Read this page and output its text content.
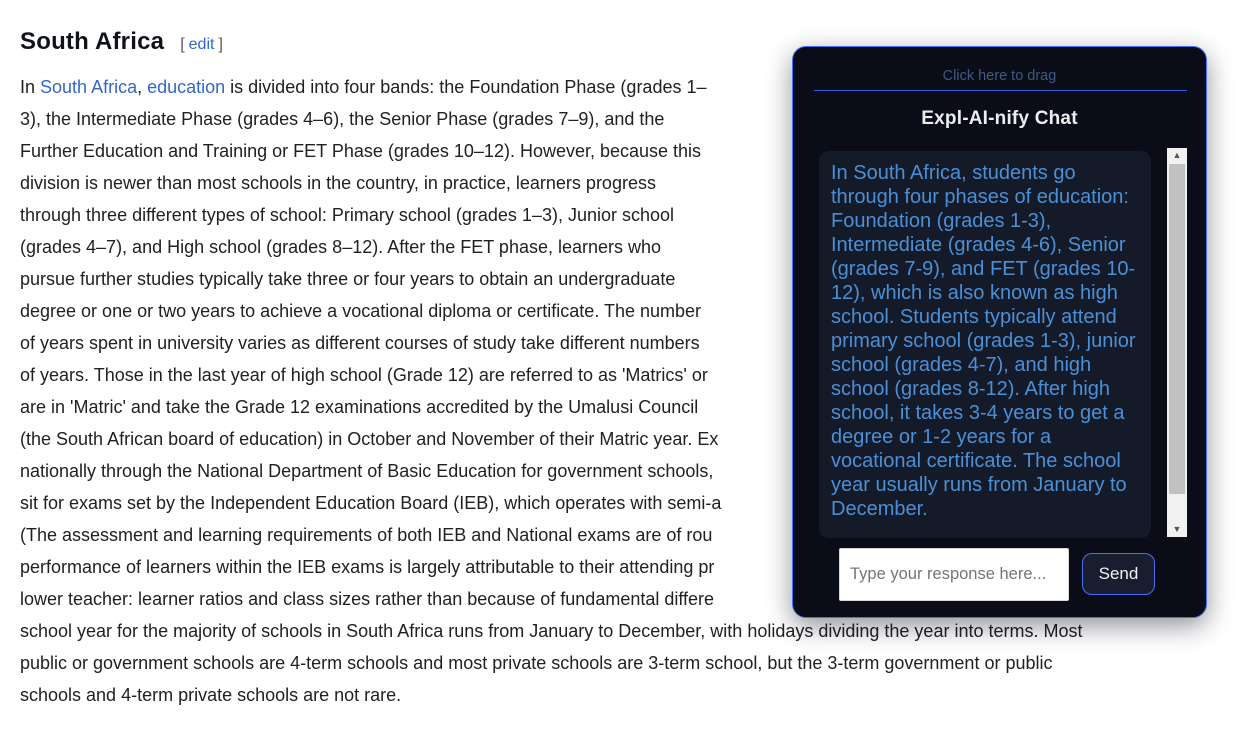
South Africa [ edit ]
In South Africa, education is divided into four bands: the Foundation Phase (grades 1–
3), the Intermediate Phase (grades 4–6), the Senior Phase (grades 7–9), and the
Further Education and Training or FET Phase (grades 10–12). However, because this
division is newer than most schools in the country, in practice, learners progress
through three different types of school: Primary school (grades 1–3), Junior school
(grades 4–7), and High school (grades 8–12). After the FET phase, learners who
pursue further studies typically take three or four years to obtain an undergraduate
degree or one or two years to achieve a vocational diploma or certificate. The number
of years spent in university varies as different courses of study take different numbers
of years. Those in the last year of high school (Grade 12) are referred to as 'Matrics' or
are in 'Matric' and take the Grade 12 examinations accredited by the Umalusi Council
(the South African board of education) in October and November of their Matric year. Ex
nationally through the National Department of Basic Education for government schools,
sit for exams set by the Independent Education Board (IEB), which operates with semi-a
(The assessment and learning requirements of both IEB and National exams are of rou
performance of learners within the IEB exams is largely attributable to their attending pr
lower teacher: learner ratios and class sizes rather than because of fundamental differe
school year for the majority of schools in South Africa runs from January to December, with holidays dividing the year into terms. Most
public or government schools are 4-term schools and most private schools are 3-term school, but the 3-term government or public
schools and 4-term private schools are not rare.
Click here to drag
Expl-AI-nify Chat
In South Africa, students go through four phases of education: Foundation (grades 1-3), Intermediate (grades 4-6), Senior (grades 7-9), and FET (grades 10-12), which is also known as high school. Students typically attend primary school (grades 1-3), junior school (grades 4-7), and high school (grades 8-12). After high school, it takes 3-4 years to get a degree or 1-2 years for a vocational certificate. The school year usually runs from January to December.
▲
▼
Type your response here...
Send
